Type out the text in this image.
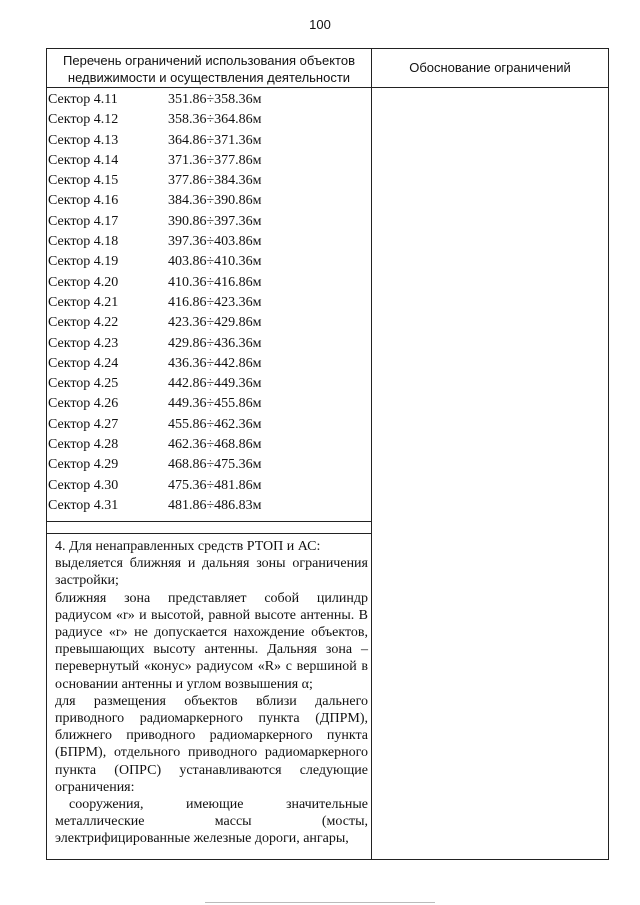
100
Перечень ограничений использования объектов недвижимости и осуществления деятельности
Обоснование ограничений
Сектор 4.11	351.86÷358.36м
Сектор 4.12	358.36÷364.86м
Сектор 4.13	364.86÷371.36м
Сектор 4.14	371.36÷377.86м
Сектор 4.15	377.86÷384.36м
Сектор 4.16	384.36÷390.86м
Сектор 4.17	390.86÷397.36м
Сектор 4.18	397.36÷403.86м
Сектор 4.19	403.86÷410.36м
Сектор 4.20	410.36÷416.86м
Сектор 4.21	416.86÷423.36м
Сектор 4.22	423.36÷429.86м
Сектор 4.23	429.86÷436.36м
Сектор 4.24	436.36÷442.86м
Сектор 4.25	442.86÷449.36м
Сектор 4.26	449.36÷455.86м
Сектор 4.27	455.86÷462.36м
Сектор 4.28	462.36÷468.86м
Сектор 4.29	468.86÷475.36м
Сектор 4.30	475.36÷481.86м
Сектор 4.31	481.86÷486.83м

4. Для ненаправленных средств РТОП и АС:

выделяется ближняя и дальняя зоны ограничения застройки;

ближняя зона представляет собой цилиндр радиусом «r» и высотой, равной высоте антенны. В радиусе «r» не допускается нахождение объектов, превышающих высоту антенны. Дальняя зона – перевернутый «конус» радиусом «R» с вершиной в основании антенны и углом возвышения α;

для размещения объектов вблизи дальнего приводного радиомаркерного пункта (ДПРМ), ближнего приводного радиомаркерного пункта (БПРМ), отдельного приводного радиомаркерного пункта (ОПРС) устанавливаются следующие ограничения:

сооружения, имеющие значительные металлические массы (мосты, электрифицированные железные дороги, ангары,
